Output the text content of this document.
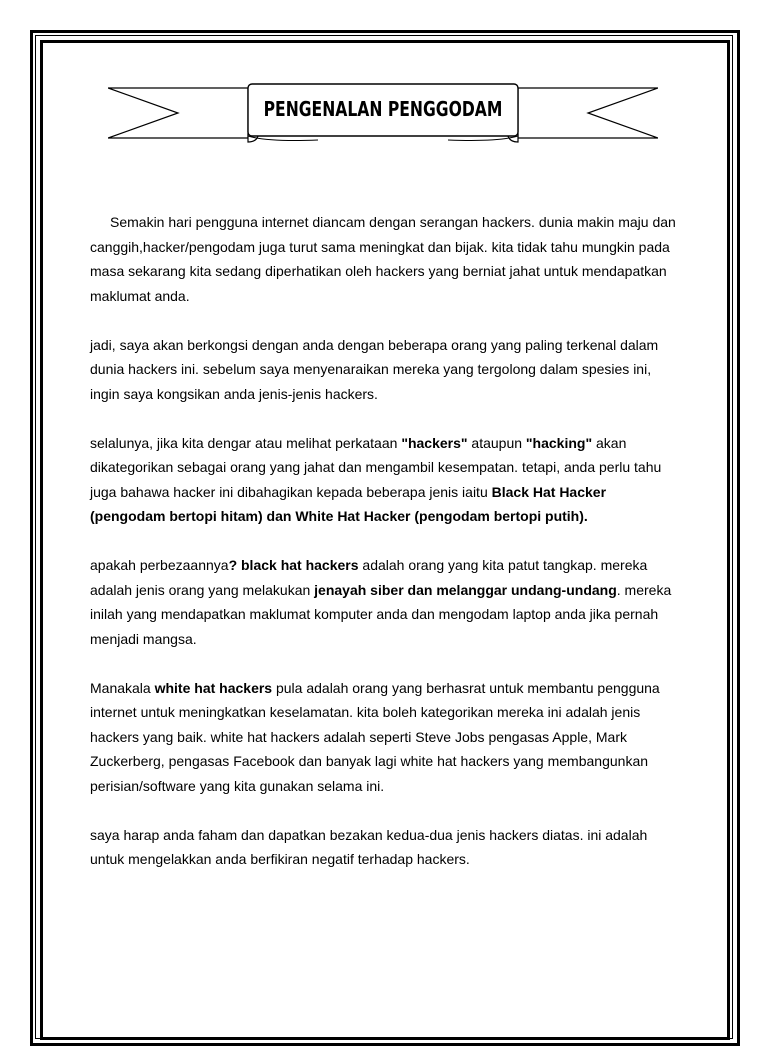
PENGENALAN PENGGODAM

Semakin hari pengguna internet diancam dengan serangan hackers. dunia makin maju dan canggih,hacker/pengodam juga turut sama meningkat dan bijak. kita tidak tahu mungkin pada masa sekarang kita sedang diperhatikan oleh hackers yang berniat jahat untuk mendapatkan maklumat anda.

jadi, saya akan berkongsi dengan anda dengan beberapa orang yang paling terkenal dalam dunia hackers ini. sebelum saya menyenaraikan mereka yang tergolong dalam spesies ini, ingin saya kongsikan anda jenis-jenis hackers.

selalunya, jika kita dengar atau melihat perkataan "hackers" ataupun "hacking" akan dikategorikan sebagai orang yang jahat dan mengambil kesempatan. tetapi, anda perlu tahu juga bahawa hacker ini dibahagikan kepada beberapa jenis iaitu Black Hat Hacker (pengodam bertopi hitam) dan White Hat Hacker (pengodam bertopi putih).

apakah perbezaannya? black hat hackers adalah orang yang kita patut tangkap. mereka adalah jenis orang yang melakukan jenayah siber dan melanggar undang-undang. mereka inilah yang mendapatkan maklumat komputer anda dan mengodam laptop anda jika pernah menjadi mangsa.

Manakala white hat hackers pula adalah orang yang berhasrat untuk membantu pengguna internet untuk meningkatkan keselamatan. kita boleh kategorikan mereka ini adalah jenis hackers yang baik. white hat hackers adalah seperti Steve Jobs pengasas Apple, Mark Zuckerberg, pengasas Facebook dan banyak lagi white hat hackers yang membangunkan perisian/software yang kita gunakan selama ini.

saya harap anda faham dan dapatkan bezakan kedua-dua jenis hackers diatas. ini adalah untuk mengelakkan anda berfikiran negatif terhadap hackers.
